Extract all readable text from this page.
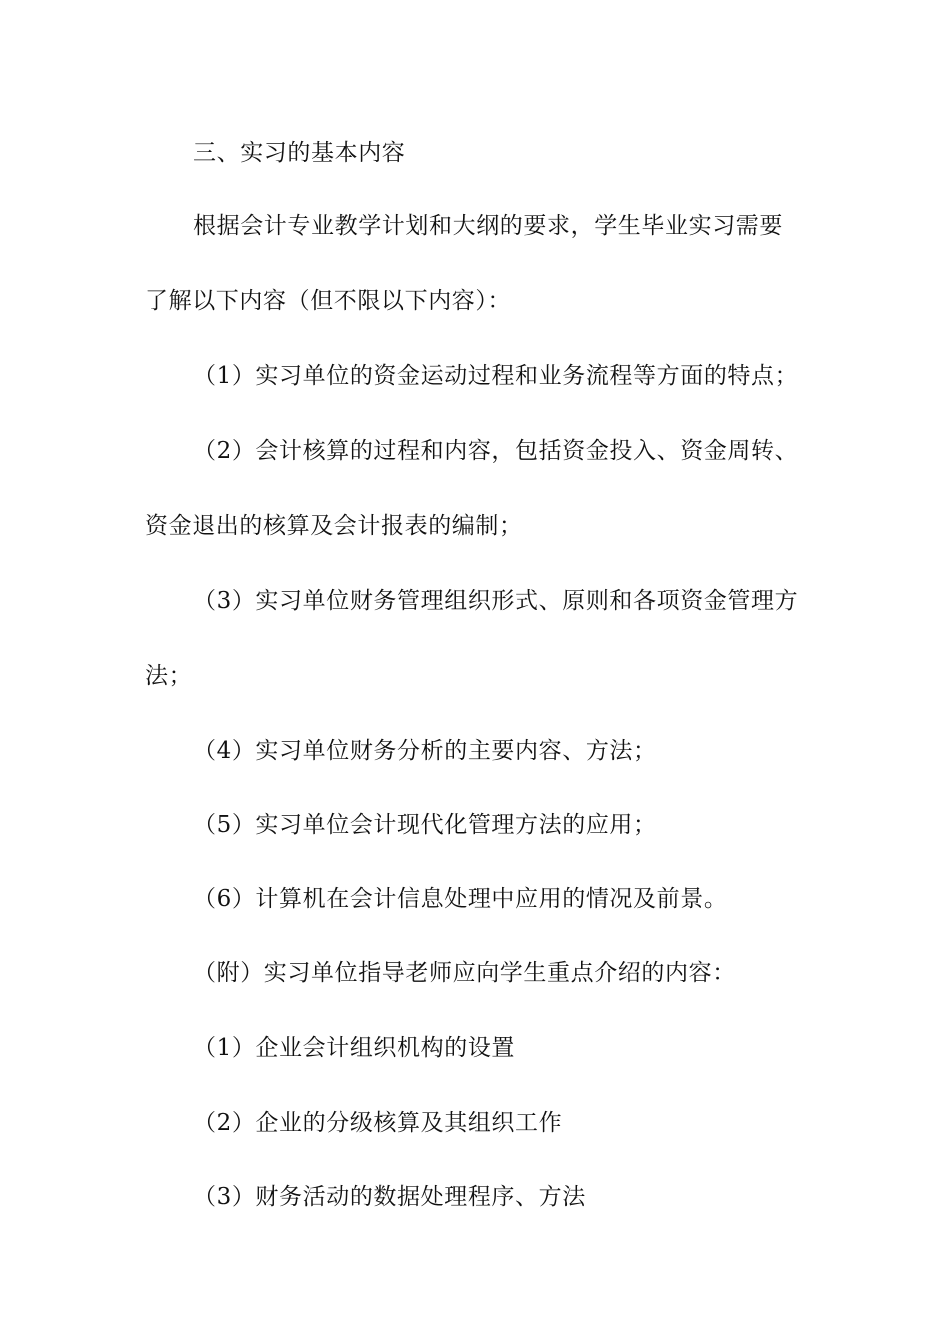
三、实习的基本内容

根据会计专业教学计划和大纲的要求，学生毕业实习需要

了解以下内容（但不限以下内容）：

（1）实习单位的资金运动过程和业务流程等方面的特点；

（2）会计核算的过程和内容，包括资金投入、资金周转、

资金退出的核算及会计报表的编制；

（3）实习单位财务管理组织形式、原则和各项资金管理方

法；

（4）实习单位财务分析的主要内容、方法；

（5）实习单位会计现代化管理方法的应用；

（6）计算机在会计信息处理中应用的情况及前景。

（附）实习单位指导老师应向学生重点介绍的内容：

（1）企业会计组织机构的设置

（2）企业的分级核算及其组织工作

（3）财务活动的数据处理程序、方法
